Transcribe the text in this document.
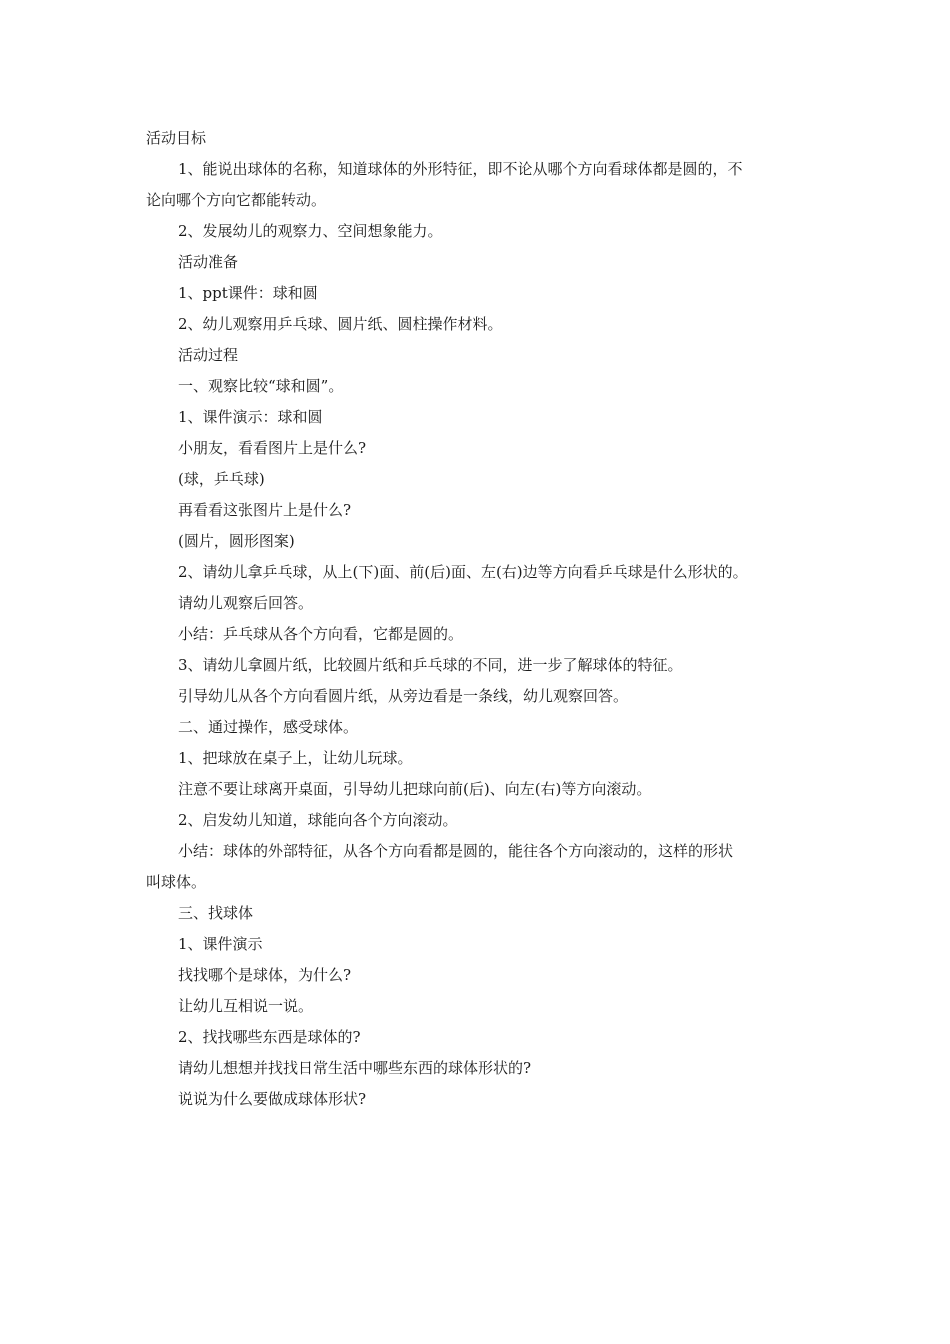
活动目标

1、能说出球体的名称，知道球体的外形特征，即不论从哪个方向看球体都是圆的，不

论向哪个方向它都能转动。

2、发展幼儿的观察力、空间想象能力。

活动准备

1、ppt课件：球和圆

2、幼儿观察用乒乓球、圆片纸、圆柱操作材料。

活动过程

一、观察比较“球和圆”。

1、课件演示：球和圆

小朋友，看看图片上是什么?

(球，乒乓球)

再看看这张图片上是什么?

(圆片，圆形图案)

2、请幼儿拿乒乓球，从上(下)面、前(后)面、左(右)边等方向看乒乓球是什么形状的。

请幼儿观察后回答。

小结：乒乓球从各个方向看，它都是圆的。

3、请幼儿拿圆片纸，比较圆片纸和乒乓球的不同，进一步了解球体的特征。

引导幼儿从各个方向看圆片纸，从旁边看是一条线，幼儿观察回答。

二、通过操作，感受球体。

1、把球放在桌子上，让幼儿玩球。

注意不要让球离开桌面，引导幼儿把球向前(后)、向左(右)等方向滚动。

2、启发幼儿知道，球能向各个方向滚动。

小结：球体的外部特征，从各个方向看都是圆的，能往各个方向滚动的，这样的形状

叫球体。

三、找球体

1、课件演示

找找哪个是球体，为什么?

让幼儿互相说一说。

2、找找哪些东西是球体的?

请幼儿想想并找找日常生活中哪些东西的球体形状的?

说说为什么要做成球体形状?
